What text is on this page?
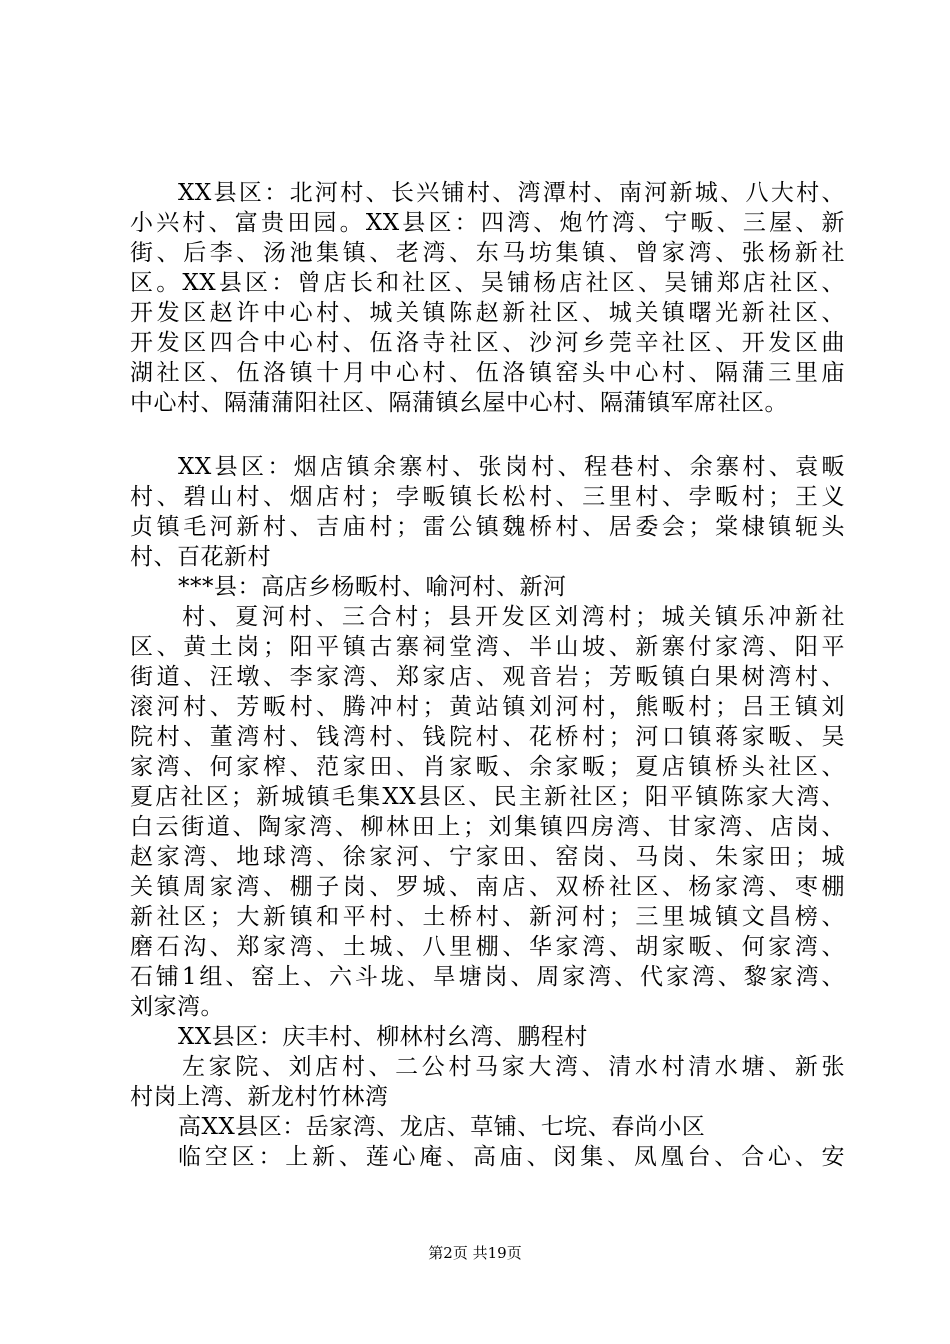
XX县区：北河村、长兴铺村、湾潭村、南河新城、八大村、
小兴村、富贵田园。XX县区：四湾、炮竹湾、宁畈、三屋、新
街、后李、汤池集镇、老湾、东马坊集镇、曾家湾、张杨新社
区。XX县区：曾店长和社区、吴铺杨店社区、吴铺郑店社区、
开发区赵许中心村、城关镇陈赵新社区、城关镇曙光新社区、
开发区四合中心村、伍洛寺社区、沙河乡莞辛社区、开发区曲
湖社区、伍洛镇十月中心村、伍洛镇窑头中心村、隔蒲三里庙
中心村、隔蒲蒲阳社区、隔蒲镇幺屋中心村、隔蒲镇军席社区。
XX县区：烟店镇余寨村、张岗村、程巷村、余寨村、袁畈
村、碧山村、烟店村；孛畈镇长松村、三里村、孛畈村；王义
贞镇毛河新村、吉庙村；雷公镇魏桥村、居委会；棠棣镇轭头
村、百花新村
***县：高店乡杨畈村、喻河村、新河
村、夏河村、三合村；县开发区刘湾村；城关镇乐冲新社
区、黄土岗；阳平镇古寨祠堂湾、半山坡、新寨付家湾、阳平
街道、汪墩、李家湾、郑家店、观音岩；芳畈镇白果树湾村、
滚河村、芳畈村、腾冲村；黄站镇刘河村，熊畈村；吕王镇刘
院村、董湾村、钱湾村、钱院村、花桥村；河口镇蒋家畈、吴
家湾、何家榨、范家田、肖家畈、余家畈；夏店镇桥头社区、
夏店社区；新城镇毛集XX县区、民主新社区；阳平镇陈家大湾、
白云街道、陶家湾、柳林田上；刘集镇四房湾、甘家湾、店岗、
赵家湾、地球湾、徐家河、宁家田、窑岗、马岗、朱家田；城
关镇周家湾、棚子岗、罗城、南店、双桥社区、杨家湾、枣棚
新社区；大新镇和平村、土桥村、新河村；三里城镇文昌榜、
磨石沟、郑家湾、土城、八里棚、华家湾、胡家畈、何家湾、
石铺1组、窑上、六斗垅、旱塘岗、周家湾、代家湾、黎家湾、
刘家湾。
XX县区：庆丰村、柳林村幺湾、鹏程村
左家院、刘店村、二公村马家大湾、清水村清水塘、新张
村岗上湾、新龙村竹林湾
高XX县区：岳家湾、龙店、草铺、七垸、春尚小区
临空区：上新、莲心庵、高庙、闵集、凤凰台、合心、安
第2页 共19页
